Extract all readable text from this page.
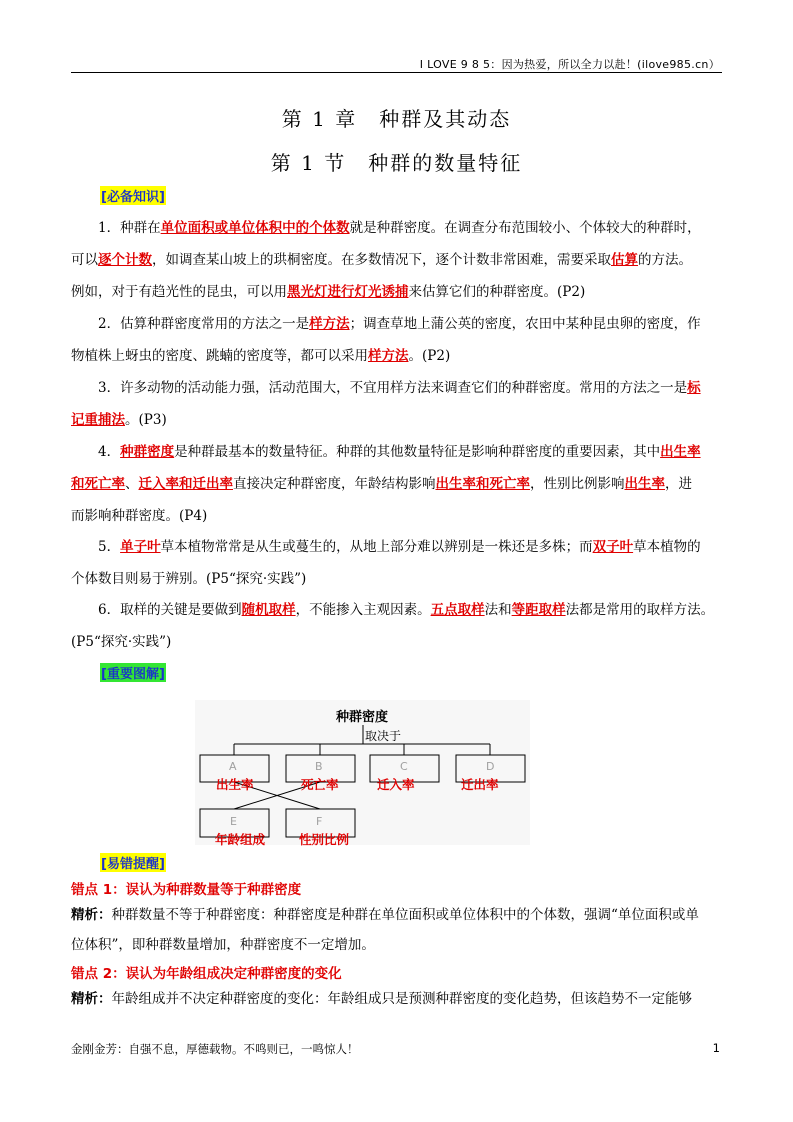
I LOVE 9 8 5：因为热爱，所以全力以赴！(ilove985.cn）
第 1 章 种群及其动态
第 1 节 种群的数量特征
[必备知识]
1．种群在单位面积或单位体积中的个体数就是种群密度。在调查分布范围较小、个体较大的种群时，
可以逐个计数，如调查某山坡上的珙桐密度。在多数情况下，逐个计数非常困难，需要采取估算的方法。
例如，对于有趋光性的昆虫，可以用黑光灯进行灯光诱捕来估算它们的种群密度。(P2)
2．估算种群密度常用的方法之一是样方法；调查草地上蒲公英的密度，农田中某种昆虫卵的密度，作
物植株上蚜虫的密度、跳蝻的密度等，都可以采用样方法。(P2)
3．许多动物的活动能力强，活动范围大，不宜用样方法来调查它们的种群密度。常用的方法之一是标
记重捕法。(P3)
4．种群密度是种群最基本的数量特征。种群的其他数量特征是影响种群密度的重要因素，其中出生率
和死亡率、迁入率和迁出率直接决定种群密度，年龄结构影响出生率和死亡率，性别比例影响出生率，进
而影响种群密度。(P4)
5．单子叶草本植物常常是从生或蔓生的，从地上部分难以辨别是一株还是多株；而双子叶草本植物的
个体数目则易于辨别。(P5“探究·实践”)
6．取样的关键是要做到随机取样，不能掺入主观因素。五点取样法和等距取样法都是常用的取样方法。
(P5“探究·实践”)
[重要图解]
种群密度
取决于
A
出生率
B
死亡率
C
迁入率
D
迁出率
E
年龄组成
F
性别比例
[易错提醒]
错点 1：误认为种群数量等于种群密度
精析：种群数量不等于种群密度：种群密度是种群在单位面积或单位体积中的个体数，强调“单位面积或单
位体积”，即种群数量增加，种群密度不一定增加。
错点 2：误认为年龄组成决定种群密度的变化
精析：年龄组成并不决定种群密度的变化：年龄组成只是预测种群密度的变化趋势，但该趋势不一定能够
金刚金芳：自强不息，厚德载物。不鸣则已，一鸣惊人！	1
